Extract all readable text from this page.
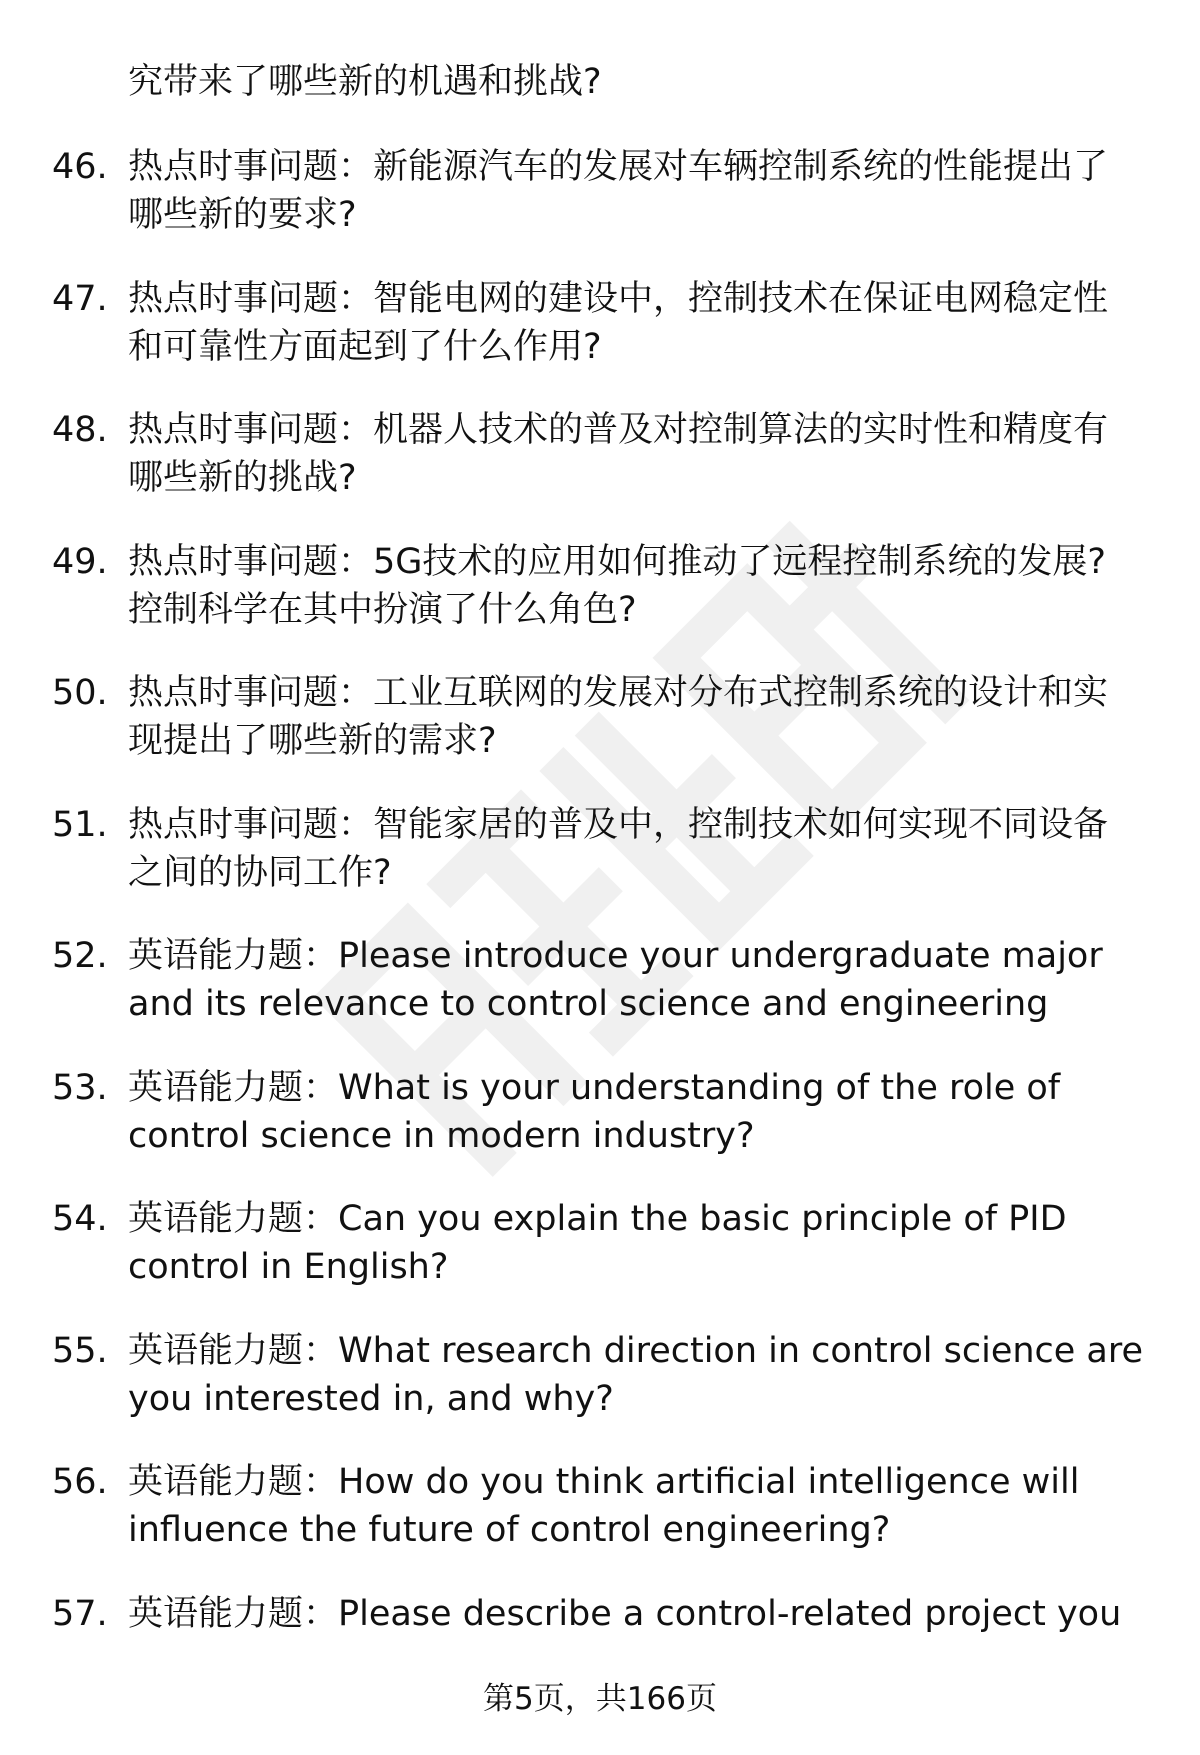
究带来了哪些新的机遇和挑战?
46. 热点时事问题：新能源汽车的发展对车辆控制系统的性能提出了
哪些新的要求?
47. 热点时事问题：智能电网的建设中，控制技术在保证电网稳定性
和可靠性方面起到了什么作用?
48. 热点时事问题：机器人技术的普及对控制算法的实时性和精度有
哪些新的挑战?
49. 热点时事问题：5G技术的应用如何推动了远程控制系统的发展?
控制科学在其中扮演了什么角色?
50. 热点时事问题：工业互联网的发展对分布式控制系统的设计和实
现提出了哪些新的需求?
51. 热点时事问题：智能家居的普及中，控制技术如何实现不同设备
之间的协同工作?
52. 英语能力题：Please introduce your undergraduate major
and its relevance to control science and engineering
53. 英语能力题：What is your understanding of the role of
control science in modern industry?
54. 英语能力题：Can you explain the basic principle of PID
control in English?
55. 英语能力题：What research direction in control science are
you interested in, and why?
56. 英语能力题：How do you think artificial intelligence will
influence the future of control engineering?
57. 英语能力题：Please describe a control-related project you
第5页，共166页
